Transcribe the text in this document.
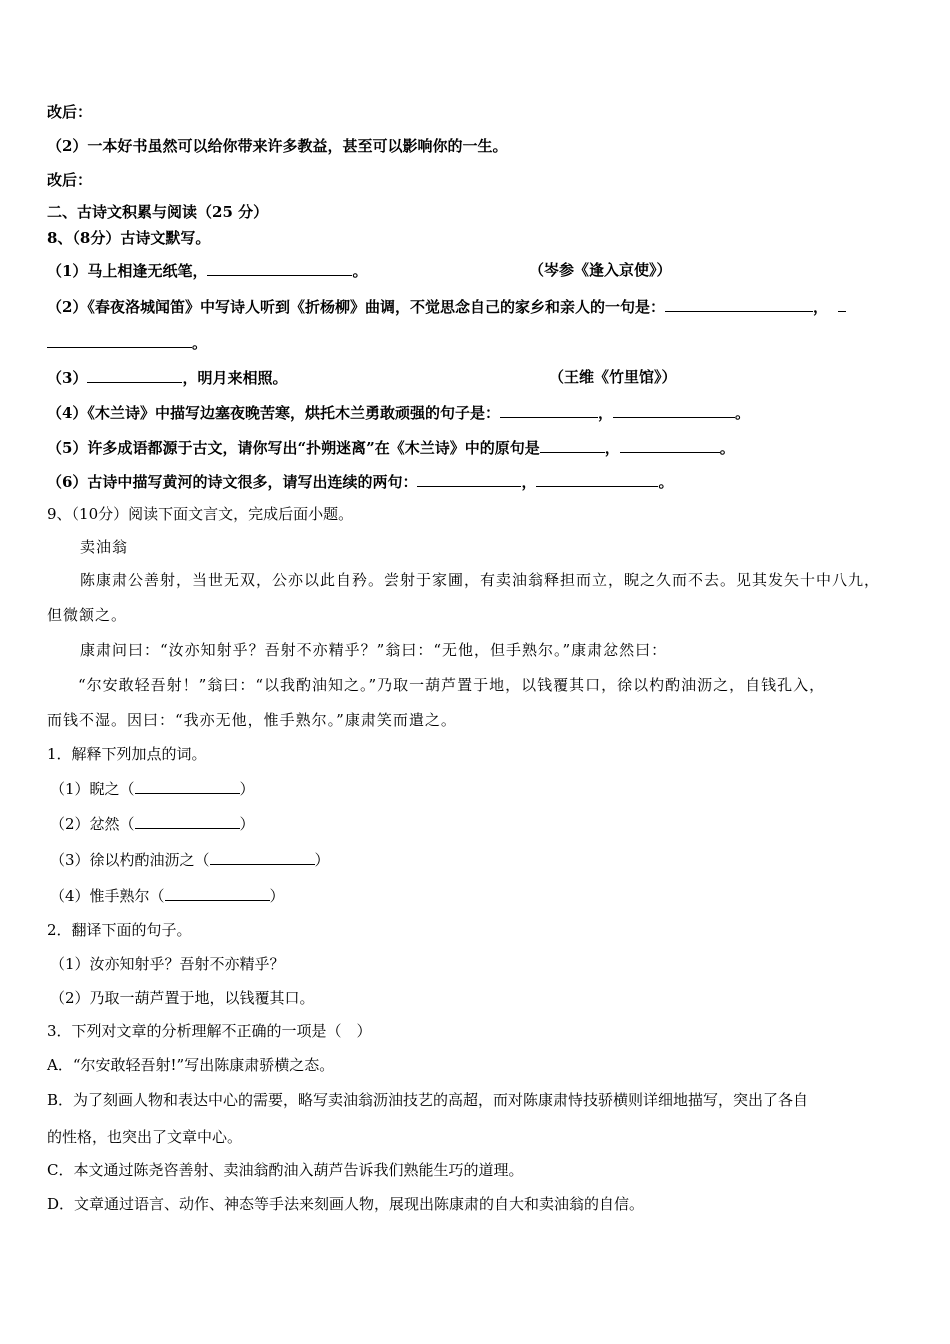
改后：
（2）一本好书虽然可以给你带来许多教益，甚至可以影响你的一生。
改后：
二、古诗文积累与阅读（25 分）
8、（8分）古诗文默写。
（1）马上相逢无纸笔，	。	（岑参《逢入京使》）
（2）《春夜洛城闻笛》中写诗人听到《折杨柳》曲调，不觉思念自己的家乡和亲人的一句是：	，
。
（3）	，明月来相照。	（王维《竹里馆》）
（4）《木兰诗》中描写边塞夜晚苦寒，烘托木兰勇敢顽强的句子是：	，	。
（5）许多成语都源于古文，请你写出“扑朔迷离”在《木兰诗》中的原句是	，	。
（6）古诗中描写黄河的诗文很多，请写出连续的两句：	，	。
9、（10分）阅读下面文言文，完成后面小题。
卖油翁
陈康肃公善射，当世无双，公亦以此自矜。尝射于家圃，有卖油翁释担而立，睨之久而不去。见其发矢十中八九，
但微颔之。
康肃问曰：“汝亦知射乎？吾射不亦精乎？”翁曰：“无他，但手熟尔。”康肃忿然曰：
“尔安敢轻吾射！”翁曰：“以我酌油知之。”乃取一葫芦置于地，以钱覆其口，徐以杓酌油沥之，自钱孔入，
而钱不湿。因曰：“我亦无他，惟手熟尔。”康肃笑而遣之。
1．解释下列加点的词。
（1）睨之（	）
（2）忿然（	）
（3）徐以杓酌油沥之（	）
（4）惟手熟尔（	）
2．翻译下面的句子。
（1）汝亦知射乎？吾射不亦精乎？
（2）乃取一葫芦置于地，以钱覆其口。
3．下列对文章的分析理解不正确的一项是（　）
A．“尔安敢轻吾射!”写出陈康肃骄横之态。
B．为了刻画人物和表达中心的需要，略写卖油翁沥油技艺的高超，而对陈康肃恃技骄横则详细地描写，突出了各自
的性格，也突出了文章中心。
C．本文通过陈尧咨善射、卖油翁酌油入葫芦告诉我们熟能生巧的道理。
D．文章通过语言、动作、神态等手法来刻画人物，展现出陈康肃的自大和卖油翁的自信。
